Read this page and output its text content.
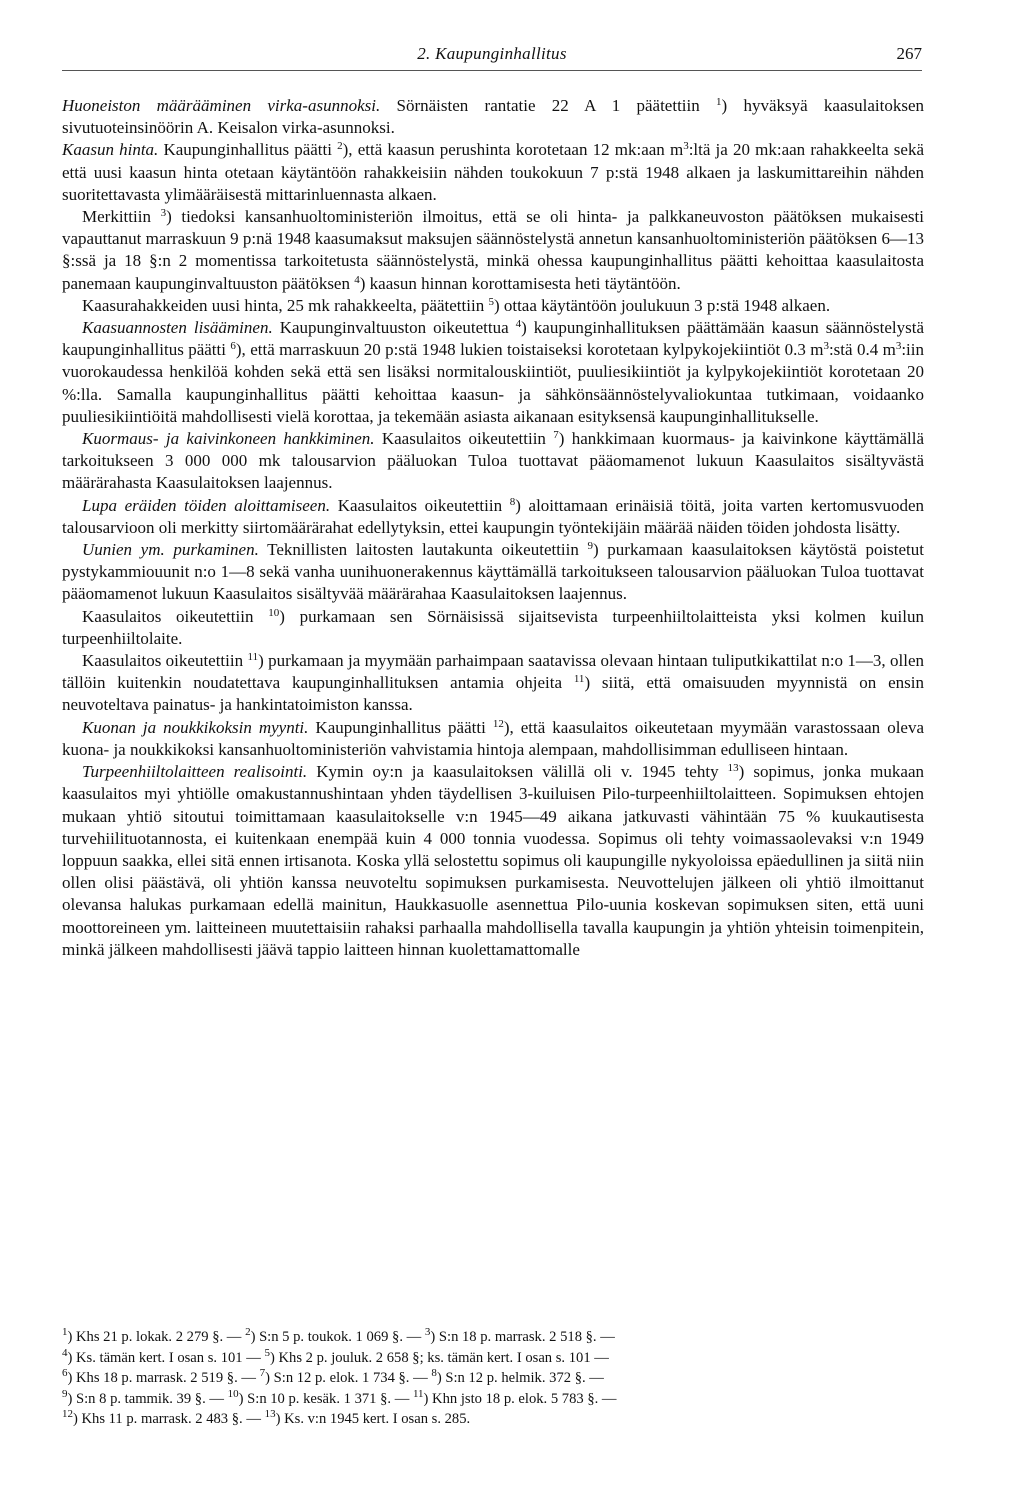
2. Kaupunginhallitus	267

Huoneiston määrääminen virka-asunnoksi. Sörnäisten rantatie 22 A 1 päätettiin $^1$) hyväksyä kaasulaitoksen sivutuoteinsinöörin A. Keisalon virka-asunnoksi.

Kaasun hinta. Kaupunginhallitus päätti $^2$), että kaasun perushinta korotetaan 12 mk:aan $m^3:ltä$ ja 20 mk:aan rahakkeelta sekä että uusi kaasun hinta otetaan käytäntöön rahakkeisiin nähden toukokuun 7 p:stä 1948 alkaen ja laskumittareihin nähden suoritettavasta ylimääräisestä mittarinluennasta alkaen.

Merkittiin $^3$) tiedoksi kansanhuoltoministeriön ilmoitus, että se oli hinta- ja palkkaneuvoston päätöksen mukaisesti vapauttanut marraskuun 9 p:nä 1948 kaasumaksut maksujen säännöstelystä annetun kansanhuoltoministeriön päätöksen 6—13 §:ssä ja 18 §:n 2 momentissa tarkoitetusta säännöstelystä, minkä ohessa kaupunginhallitus päätti kehoittaa kaasulaitosta panemaan kaupunginvaltuuston päätöksen $^4$) kaasun hinnan korottamisesta heti täytäntöön.

Kaasurahakkeiden uusi hinta, 25 mk rahakkeelta, päätettiin $^5$) ottaa käytäntöön joulukuun 3 p:stä 1948 alkaen.

Kaasuannosten lisääminen. Kaupunginvaltuuston oikeutettua $^4$) kaupunginhallituksen päättämään kaasun säännöstelystä kaupunginhallitus päätti $^6$), että marraskuun 20 p:stä 1948 lukien toistaiseksi korotetaan kylpykojekiintiöt 0.3 $m^3:stä$ 0.4 $m^3:iin$ vuorokaudessa henkilöä kohden sekä että sen lisäksi normitalouskiintiöt, puuliesikiintiöt ja kylpykojekiintiöt korotetaan 20 %:lla. Samalla kaupunginhallitus päätti kehoittaa kaasun- ja sähkönsäännöstelyvaliokuntaa tutkimaan, voidaanko puuliesikiintiöitä mahdollisesti vielä korottaa, ja tekemään asiasta aikanaan esityksensä kaupunginhallitukselle.

Kuormaus- ja kaivinkoneen hankkiminen. Kaasulaitos oikeutettiin $^7$) hankkimaan kuormaus- ja kaivinkone käyttämällä tarkoitukseen 3 000 000 mk talousarvion pääluokan Tuloa tuottavat pääomamenot lukuun Kaasulaitos sisältyvästä määrärahasta Kaasulaitoksen laajennus.

Lupa eräiden töiden aloittamiseen. Kaasulaitos oikeutettiin $^8$) aloittamaan erinäisiä töitä, joita varten kertomusvuoden talousarvioon oli merkitty siirtomäärärahat edellytyksin, ettei kaupungin työntekijäin määrää näiden töiden johdosta lisätty.

Uunien ym. purkaminen. Teknillisten laitosten lautakunta oikeutettiin $^9$) purkamaan kaasulaitoksen käytöstä poistetut pystykammiouunit n:o 1—8 sekä vanha uunihuonerakennus käyttämällä tarkoitukseen talousarvion pääluokan Tuloa tuottavat pääomamenot lukuun Kaasulaitos sisältyvää määrärahaa Kaasulaitoksen laajennus.

Kaasulaitos oikeutettiin $^{10}$) purkamaan sen Sörnäisissä sijaitsevista turpeenhiiltolaitteista yksi kolmen kuilun turpeenhiiltolaite.

Kaasulaitos oikeutettiin $^{11}$) purkamaan ja myymään parhaimpaan saatavissa olevaan hintaan tuliputkikattilat n:o 1—3, ollen tällöin kuitenkin noudatettava kaupunginhallituksen antamia ohjeita $^{11}$) siitä, että omaisuuden myynnistä on ensin neuvoteltava painatus- ja hankintatoimiston kanssa.

Kuonan ja noukkikoksin myynti. Kaupunginhallitus päätti $^{12}$), että kaasulaitos oikeutetaan myymään varastossaan oleva kuona- ja noukkikoksi kansanhuoltoministeriön vahvistamia hintoja alempaan, mahdollisimman edulliseen hintaan.

Turpeenhiiltolaitteen realisointi. Kymin oy:n ja kaasulaitoksen välillä oli v. 1945 tehty $^{13}$) sopimus, jonka mukaan kaasulaitos myi yhtiölle omakustannushintaan yhden täydellisen 3-kuiluisen Pilo-turpeenhiiltolaitteen. Sopimuksen ehtojen mukaan yhtiö sitoutui toimittamaan kaasulaitokselle v:n 1945—49 aikana jatkuvasti vähintään 75 % kuukautisesta turvehiilituotannosta, ei kuitenkaan enempää kuin 4 000 tonnia vuodessa. Sopimus oli tehty voimassaolevaksi v:n 1949 loppuun saakka, ellei sitä ennen irtisanota. Koska yllä selostettu sopimus oli kaupungille nykyoloissa epäedullinen ja siitä niin ollen olisi päästävä, oli yhtiön kanssa neuvoteltu sopimuksen purkamisesta. Neuvottelujen jälkeen oli yhtiö ilmoittanut olevansa halukas purkamaan edellä mainitun, Haukkasuolle asennettua Pilo-uunia koskevan sopimuksen siten, että uuni moottoreineen ym. laitteineen muutettaisiin rahaksi parhaalla mahdollisella tavalla kaupungin ja yhtiön yhteisin toimenpitein, minkä jälkeen mahdollisesti jäävä tappio laitteen hinnan kuolettamattomalle

$^1$) Khs 21 p. lokak. 2 279 §. — $^2$) S:n 5 p. toukok. 1 069 §. — $^3$) S:n 18 p. marrask. 2 518 §. —
$^4$) Ks. tämän kert. I osan s. 101 — $^5$) Khs 2 p. jouluk. 2 658 §; ks. tämän kert. I osan s. 101 —
$^6$) Khs 18 p. marrask. 2 519 §. — $^7$) S:n 12 p. elok. 1 734 §. — $^8$) S:n 12 p. helmik. 372 §. —
$^9$) S:n 8 p. tammik. 39 §. — $^{10}$) S:n 10 p. kesäk. 1 371 §. — $^{11}$) Khn jsto 18 p. elok. 5 783 §. —
$^{12}$) Khs 11 p. marrask. 2 483 §. — $^{13}$) Ks. v:n 1945 kert. I osan s. 285.
